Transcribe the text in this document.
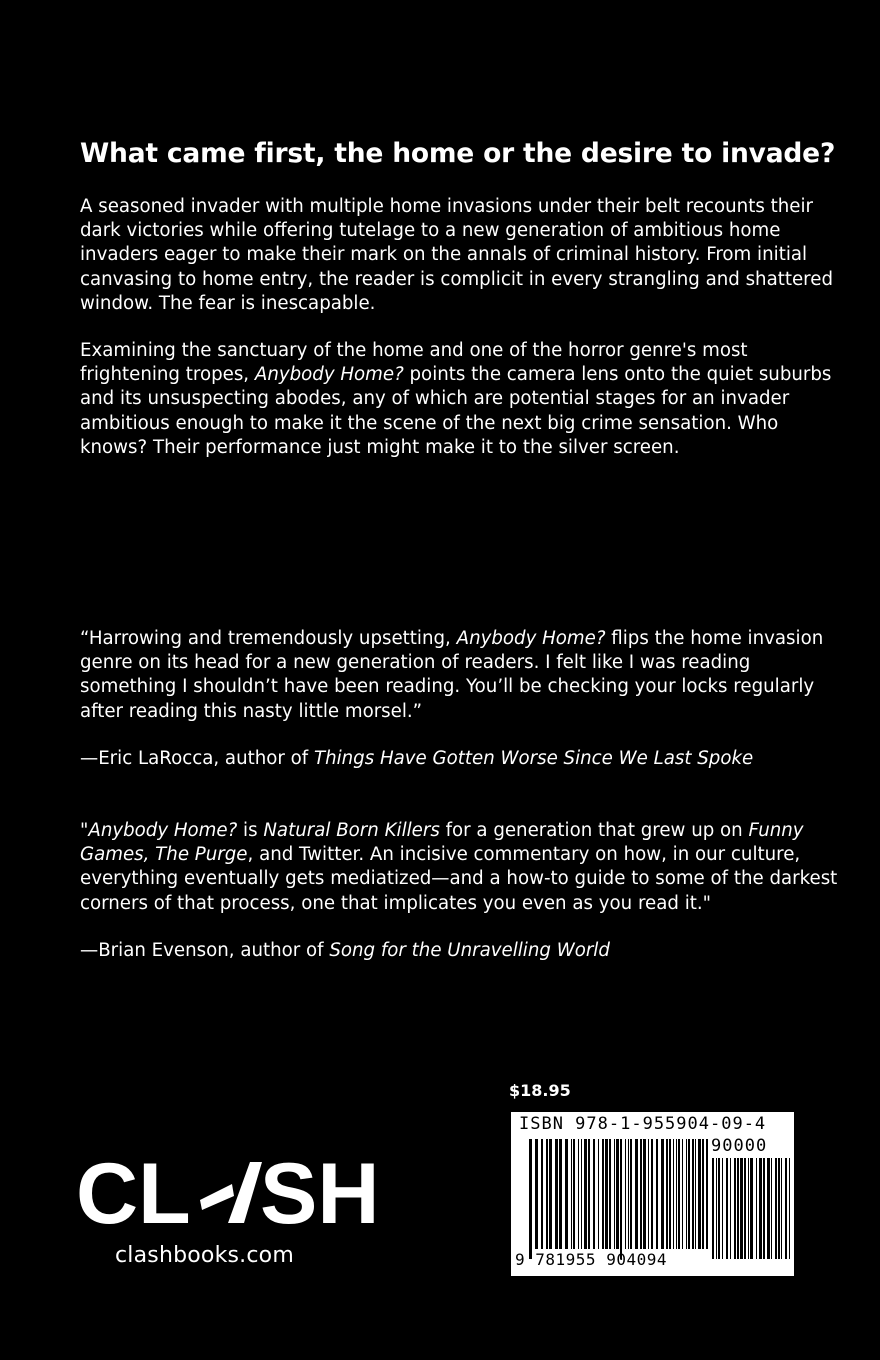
What came first, the home or the desire to invade?

A seasoned invader with multiple home invasions under their belt recounts their dark victories while offering tutelage to a new generation of ambitious home invaders eager to make their mark on the annals of criminal history. From initial canvasing to home entry, the reader is complicit in every strangling and shattered window. The fear is inescapable.

Examining the sanctuary of the home and one of the horror genre's most frightening tropes, Anybody Home? points the camera lens onto the quiet suburbs and its unsuspecting abodes, any of which are potential stages for an invader ambitious enough to make it the scene of the next big crime sensation. Who knows? Their performance just might make it to the silver screen.

“Harrowing and tremendously upsetting, Anybody Home? flips the home invasion genre on its head for a new generation of readers. I felt like I was reading something I shouldn’t have been reading. You’ll be checking your locks regularly after reading this nasty little morsel.”

—Eric LaRocca, author of Things Have Gotten Worse Since We Last Spoke

"Anybody Home? is Natural Born Killers for a generation that grew up on Funny Games, The Purge, and Twitter. An incisive commentary on how, in our culture, everything eventually gets mediatized—and a how-to guide to some of the darkest corners of that process, one that implicates you even as you read it."

—Brian Evenson, author of Song for the Unravelling World

$18.95
ISBN 978-1-955904-09-4
90000
9 781955 904094
CL SH
clashbooks.com
